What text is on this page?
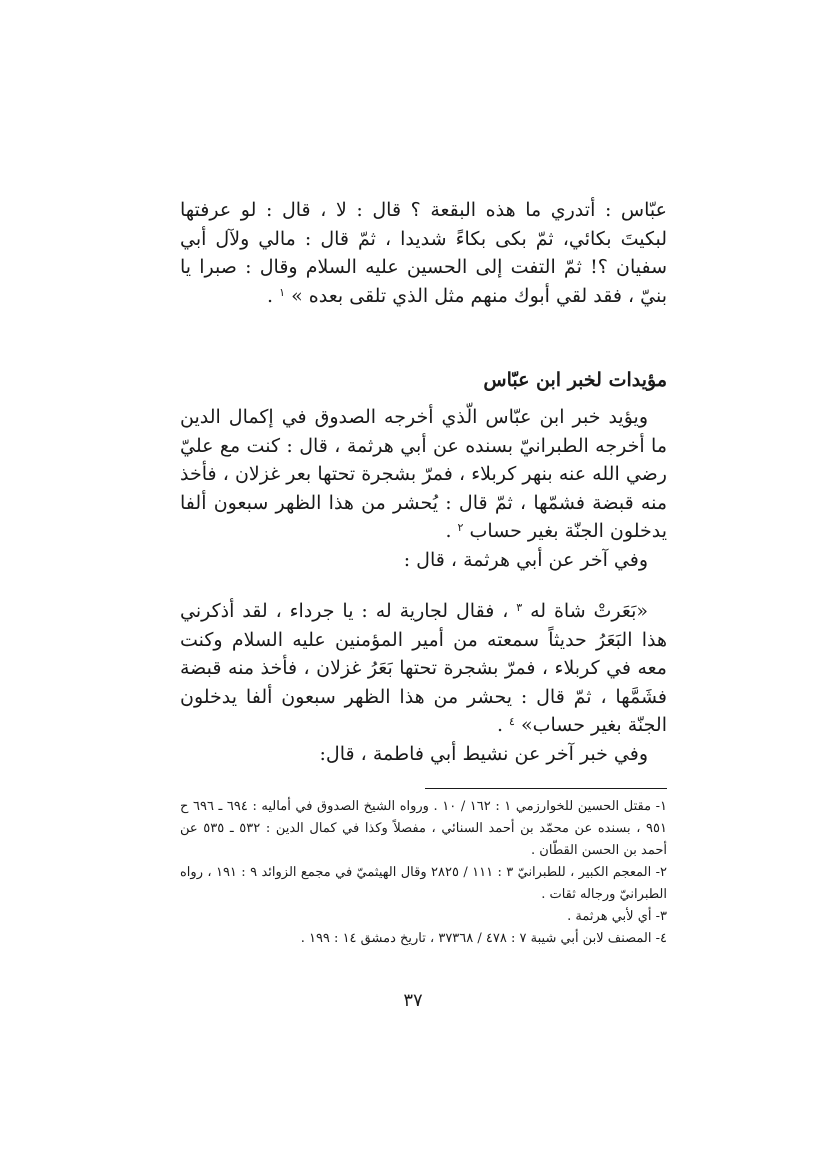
عبّاس : أتدري ما هذه البقعة ؟ قال : لا ، قال : لو عرفتها لبكيتَ بكائي، ثمّ بكى بكاءً شديدا ، ثمّ قال : مالي ولآل أبي سفيان ؟! ثمّ التفت إلى الحسين عليه السلام وقال : صبرا يا بنيّ ، فقد لقي أبوك منهم مثل الذي تلقى بعده » $^١$ .

مؤيدات لخبر ابن عبّاس

ويؤيد خبر ابن عبّاس الّذي أخرجه الصدوق في إكمال الدين ما أخرجه الطبرانيّ بسنده عن أبي هرثمة ، قال : كنت مع عليّ رضي الله عنه بنهر كربلاء ، فمرّ بشجرة تحتها بعر غزلان ، فأخذ منه قبضة فشمّها ، ثمّ قال : يُحشر من هذا الظهر سبعون ألفا يدخلون الجنّة بغير حساب $^٢$ .

وفي آخر عن أبي هرثمة ، قال :

«بَعَرتْ شاة له $^٣$ ، فقال لجارية له : يا جرداء ، لقد أذكرني هذا البَعَرُ حديثاً سمعته من أمير المؤمنين عليه السلام وكنت معه في كربلاء ، فمرّ بشجرة تحتها بَعَرُ غزلان ، فأخذ منه قبضة فشَمَّها ، ثمّ قال : يحشر من هذا الظهر سبعون ألفا يدخلون الجنّة بغير حساب» $^٤$ .

وفي خبر آخر عن نشيط أبي فاطمة ، قال:

١- مقتل الحسين للخوارزمي ١ : ١٦٢ / ١٠ . ورواه الشيخ الصدوق في أماليه : ٦٩٤ ـ ٦٩٦ ح ٩٥١ ، بسنده عن محمّد بن أحمد السنائي ، مفصلاً وكذا في كمال الدين : ٥٣٢ ـ ٥٣٥ عن أحمد بن الحسن القطّان .
٢- المعجم الكبير ، للطبرانيّ ٣ : ١١١ / ٢٨٢٥ وقال الهيثميّ في مجمع الزوائد ٩ : ١٩١ ، رواه الطبرانيّ ورجاله ثقات .
٣- أي لأبي هرثمة .
٤- المصنف لابن أبي شيبة ٧ : ٤٧٨ / ٣٧٣٦٨ ، تاريخ دمشق ١٤ : ١٩٩ .
٣٧
